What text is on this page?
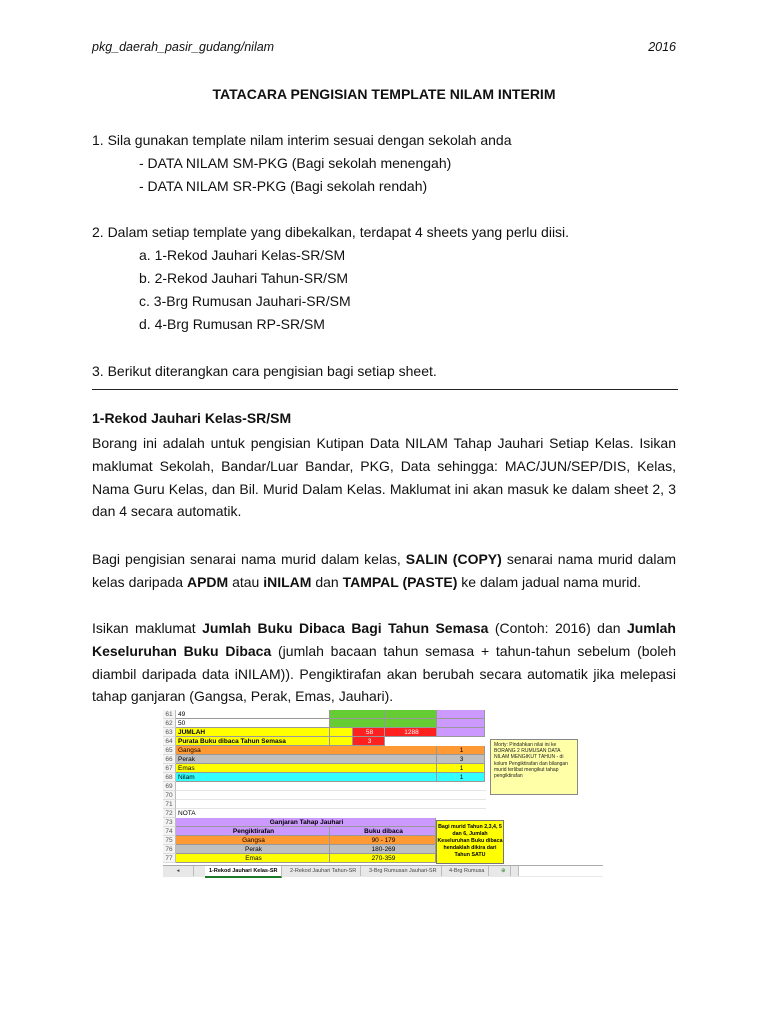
pkg_daerah_pasir_gudang/nilam	2016
TATACARA PENGISIAN TEMPLATE NILAM INTERIM
1. Sila gunakan template nilam interim sesuai dengan sekolah anda
- DATA NILAM SM-PKG (Bagi sekolah menengah)
- DATA NILAM SR-PKG (Bagi sekolah rendah)
2. Dalam setiap template yang dibekalkan, terdapat 4 sheets yang perlu diisi.
a. 1-Rekod Jauhari Kelas-SR/SM
b. 2-Rekod Jauhari Tahun-SR/SM
c. 3-Brg Rumusan Jauhari-SR/SM
d. 4-Brg Rumusan RP-SR/SM
3. Berikut diterangkan cara pengisian bagi setiap sheet.
1-Rekod Jauhari Kelas-SR/SM
Borang ini adalah untuk pengisian Kutipan Data NILAM Tahap Jauhari Setiap Kelas. Isikan maklumat Sekolah, Bandar/Luar Bandar, PKG, Data sehingga: MAC/JUN/SEP/DIS, Kelas, Nama Guru Kelas, dan Bil. Murid Dalam Kelas. Maklumat ini akan masuk ke dalam sheet 2, 3 dan 4 secara automatik.
Bagi pengisian senarai nama murid dalam kelas, SALIN (COPY) senarai nama murid dalam kelas daripada APDM atau iNILAM dan TAMPAL (PASTE) ke dalam jadual nama murid.
Isikan maklumat Jumlah Buku Dibaca Bagi Tahun Semasa (Contoh: 2016) dan Jumlah Keseluruhan Buku Dibaca (jumlah bacaan tahun semasa + tahun-tahun sebelum (boleh diambil daripada data iNILAM)). Pengiktirafan akan berubah secara automatik jika melepasi tahap ganjaran (Gangsa, Perak, Emas, Jauhari).
61 49
62 50
63 JUMLAH	58	1288
64 Purata Buku dibaca Tahun Semasa	3
65 Gangsa	1
66 Perak	3
67 Emas	1
68 Nilam	1
69
70
71
72 NOTA
73	Ganjaran Tahap Jauhari
74	Pengiktirafan	Buku dibaca
75	Gangsa	90 - 179
76	Perak	180-269
77	Emas	270-359
Morty: Pindahkan nilai ini ke BORANG 2 RUMUSAN DATA NILAM MENGIKUT TAHUN - di kolum Pengiktirafan dan bilangan murid terlibat mengikut tahap pengiktirafan
Bagi murid Tahun 2,3,4, 5 dan 6, Jumlah Keseluruhan Buku dibaca hendaklah dikira dari Tahun SATU
◂	1-Rekod Jauhari Kelas-SR	2-Rekod Jauhari Tahun-SR	3-Brg Rumusan Jauhari-SR	4-Brg Rumusa	⊕
